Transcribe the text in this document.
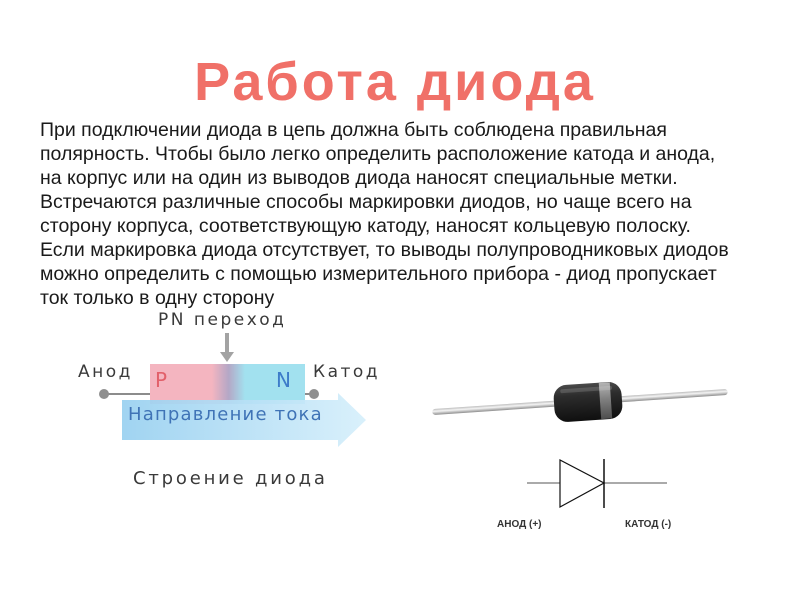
PN переход
Анод	Катод
P	N
Направление тока
Строение диода
АНОД (+)	КАТОД (-)
Работа диода
При подключении диода в цепь должна быть соблюдена правильная
полярность. Чтобы было легко определить расположение катода и анода,
на корпус или на один из выводов диода наносят специальные метки.
Встречаются различные способы маркировки диодов, но чаще всего на
сторону корпуса, соответствующую катоду, наносят кольцевую полоску.
Если маркировка диода отсутствует, то выводы полупроводниковых диодов
можно определить с помощью измерительного прибора - диод пропускает
ток только в одну сторону
